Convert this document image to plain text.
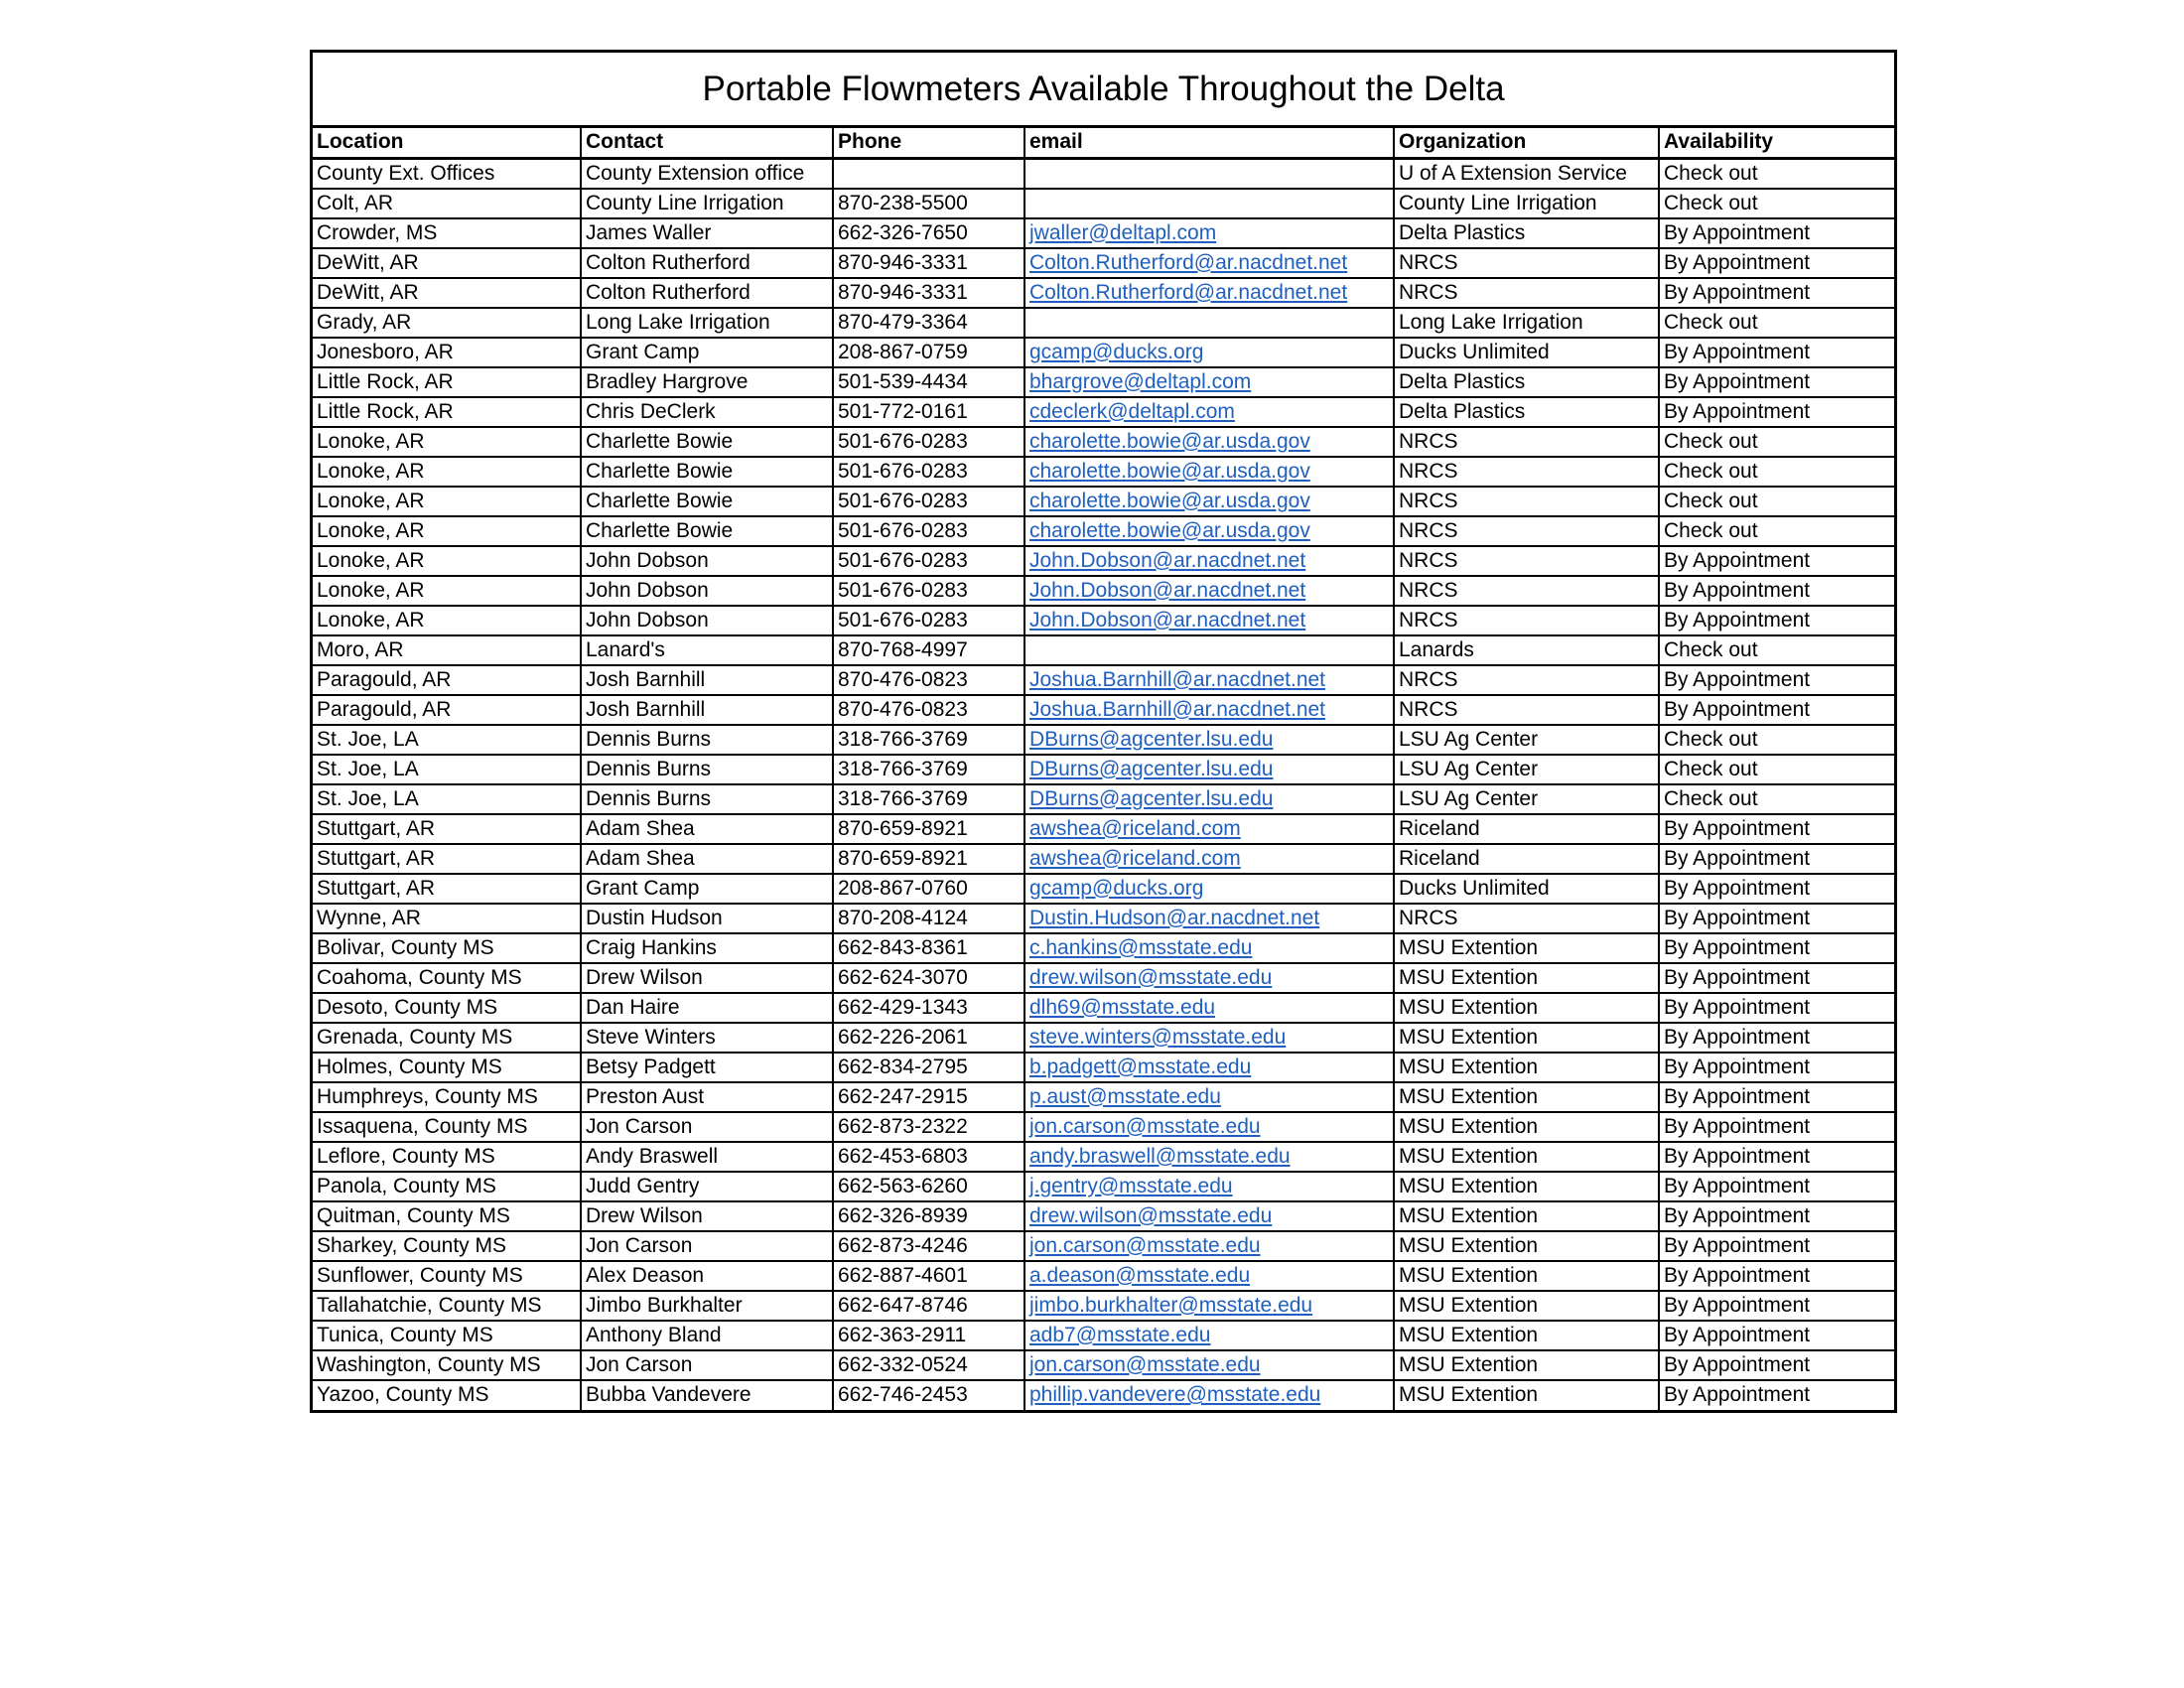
Portable Flowmeters Available Throughout the Delta
Location	Contact	Phone	email	Organization	Availability
County Ext. Offices	County Extension office			U of A Extension Service	Check out
Colt, AR	County Line Irrigation	870-238-5500		County Line Irrigation	Check out
Crowder, MS	James Waller	662-326-7650	jwaller@deltapl.com	Delta Plastics	By Appointment
DeWitt, AR	Colton Rutherford	870-946-3331	Colton.Rutherford@ar.nacdnet.net	NRCS	By Appointment
DeWitt, AR	Colton Rutherford	870-946-3331	Colton.Rutherford@ar.nacdnet.net	NRCS	By Appointment
Grady, AR	Long Lake Irrigation	870-479-3364		Long Lake Irrigation	Check out
Jonesboro, AR	Grant Camp	208-867-0759	gcamp@ducks.org	Ducks Unlimited	By Appointment
Little Rock, AR	Bradley Hargrove	501-539-4434	bhargrove@deltapl.com	Delta Plastics	By Appointment
Little Rock, AR	Chris DeClerk	501-772-0161	cdeclerk@deltapl.com	Delta Plastics	By Appointment
Lonoke, AR	Charlette Bowie	501-676-0283	charolette.bowie@ar.usda.gov	NRCS	Check out
Lonoke, AR	Charlette Bowie	501-676-0283	charolette.bowie@ar.usda.gov	NRCS	Check out
Lonoke, AR	Charlette Bowie	501-676-0283	charolette.bowie@ar.usda.gov	NRCS	Check out
Lonoke, AR	Charlette Bowie	501-676-0283	charolette.bowie@ar.usda.gov	NRCS	Check out
Lonoke, AR	John Dobson	501-676-0283	John.Dobson@ar.nacdnet.net	NRCS	By Appointment
Lonoke, AR	John Dobson	501-676-0283	John.Dobson@ar.nacdnet.net	NRCS	By Appointment
Lonoke, AR	John Dobson	501-676-0283	John.Dobson@ar.nacdnet.net	NRCS	By Appointment
Moro, AR	Lanard's	870-768-4997		Lanards	Check out
Paragould, AR	Josh Barnhill	870-476-0823	Joshua.Barnhill@ar.nacdnet.net	NRCS	By Appointment
Paragould, AR	Josh Barnhill	870-476-0823	Joshua.Barnhill@ar.nacdnet.net	NRCS	By Appointment
St. Joe, LA	Dennis Burns	318-766-3769	DBurns@agcenter.lsu.edu	LSU Ag Center	Check out
St. Joe, LA	Dennis Burns	318-766-3769	DBurns@agcenter.lsu.edu	LSU Ag Center	Check out
St. Joe, LA	Dennis Burns	318-766-3769	DBurns@agcenter.lsu.edu	LSU Ag Center	Check out
Stuttgart, AR	Adam Shea	870-659-8921	awshea@riceland.com	Riceland	By Appointment
Stuttgart, AR	Adam Shea	870-659-8921	awshea@riceland.com	Riceland	By Appointment
Stuttgart, AR	Grant Camp	208-867-0760	gcamp@ducks.org	Ducks Unlimited	By Appointment
Wynne, AR	Dustin Hudson	870-208-4124	Dustin.Hudson@ar.nacdnet.net	NRCS	By Appointment
Bolivar, County MS	Craig Hankins	662-843-8361	c.hankins@msstate.edu	MSU Extention	By Appointment
Coahoma, County MS	Drew Wilson	662-624-3070	drew.wilson@msstate.edu	MSU Extention	By Appointment
Desoto, County MS	Dan Haire	662-429-1343	dlh69@msstate.edu	MSU Extention	By Appointment
Grenada, County MS	Steve Winters	662-226-2061	steve.winters@msstate.edu	MSU Extention	By Appointment
Holmes, County MS	Betsy Padgett	662-834-2795	b.padgett@msstate.edu	MSU Extention	By Appointment
Humphreys, County MS	Preston Aust	662-247-2915	p.aust@msstate.edu	MSU Extention	By Appointment
Issaquena, County MS	Jon Carson	662-873-2322	jon.carson@msstate.edu	MSU Extention	By Appointment
Leflore, County MS	Andy Braswell	662-453-6803	andy.braswell@msstate.edu	MSU Extention	By Appointment
Panola, County MS	Judd Gentry	662-563-6260	j.gentry@msstate.edu	MSU Extention	By Appointment
Quitman, County MS	Drew Wilson	662-326-8939	drew.wilson@msstate.edu	MSU Extention	By Appointment
Sharkey, County MS	Jon Carson	662-873-4246	jon.carson@msstate.edu	MSU Extention	By Appointment
Sunflower, County MS	Alex Deason	662-887-4601	a.deason@msstate.edu	MSU Extention	By Appointment
Tallahatchie, County MS	Jimbo Burkhalter	662-647-8746	jimbo.burkhalter@msstate.edu	MSU Extention	By Appointment
Tunica, County MS	Anthony Bland	662-363-2911	adb7@msstate.edu	MSU Extention	By Appointment
Washington, County MS	Jon Carson	662-332-0524	jon.carson@msstate.edu	MSU Extention	By Appointment
Yazoo, County MS	Bubba Vandevere	662-746-2453	phillip.vandevere@msstate.edu	MSU Extention	By Appointment
